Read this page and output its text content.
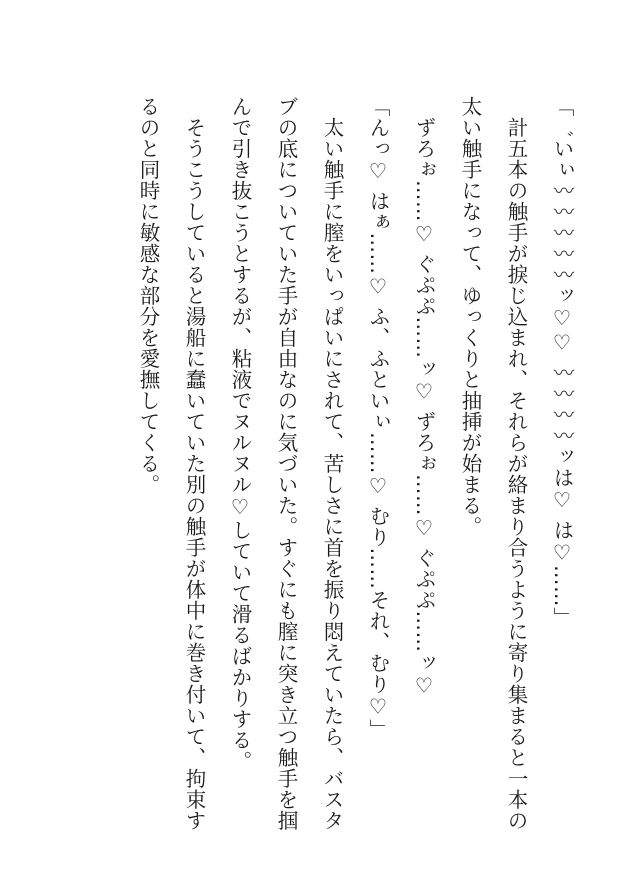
「゛いぃ〰〰〰〰〰ッ♡♡ 〰〰〰〰ッは♡ は♡……」

　計五本の触手が捩じ込まれ、それらが絡まり合うように寄り集まると一本の太い触手になって、ゆっくりと抽挿が始まる。

　ずろぉ……♡ ぐぷぷ……ッ♡ ずろぉ……♡ ぐぷぷ……ッ♡

「んっ♡ はぁ……♡ ふ、ふといぃ……♡ むり……それ、むり♡」

　太い触手に膣をいっぱいにされて、苦しさに首を振り悶えていたら、バスタブの底についていた手が自由なのに気づいた。すぐにも膣に突き立つ触手を掴んで引き抜こうとするが、粘液でヌルヌル♡していて滑るばかりする。

　そうこうしていると湯船に蠢いていた別の触手が体中に巻き付いて、拘束するのと同時に敏感な部分を愛撫してくる。
